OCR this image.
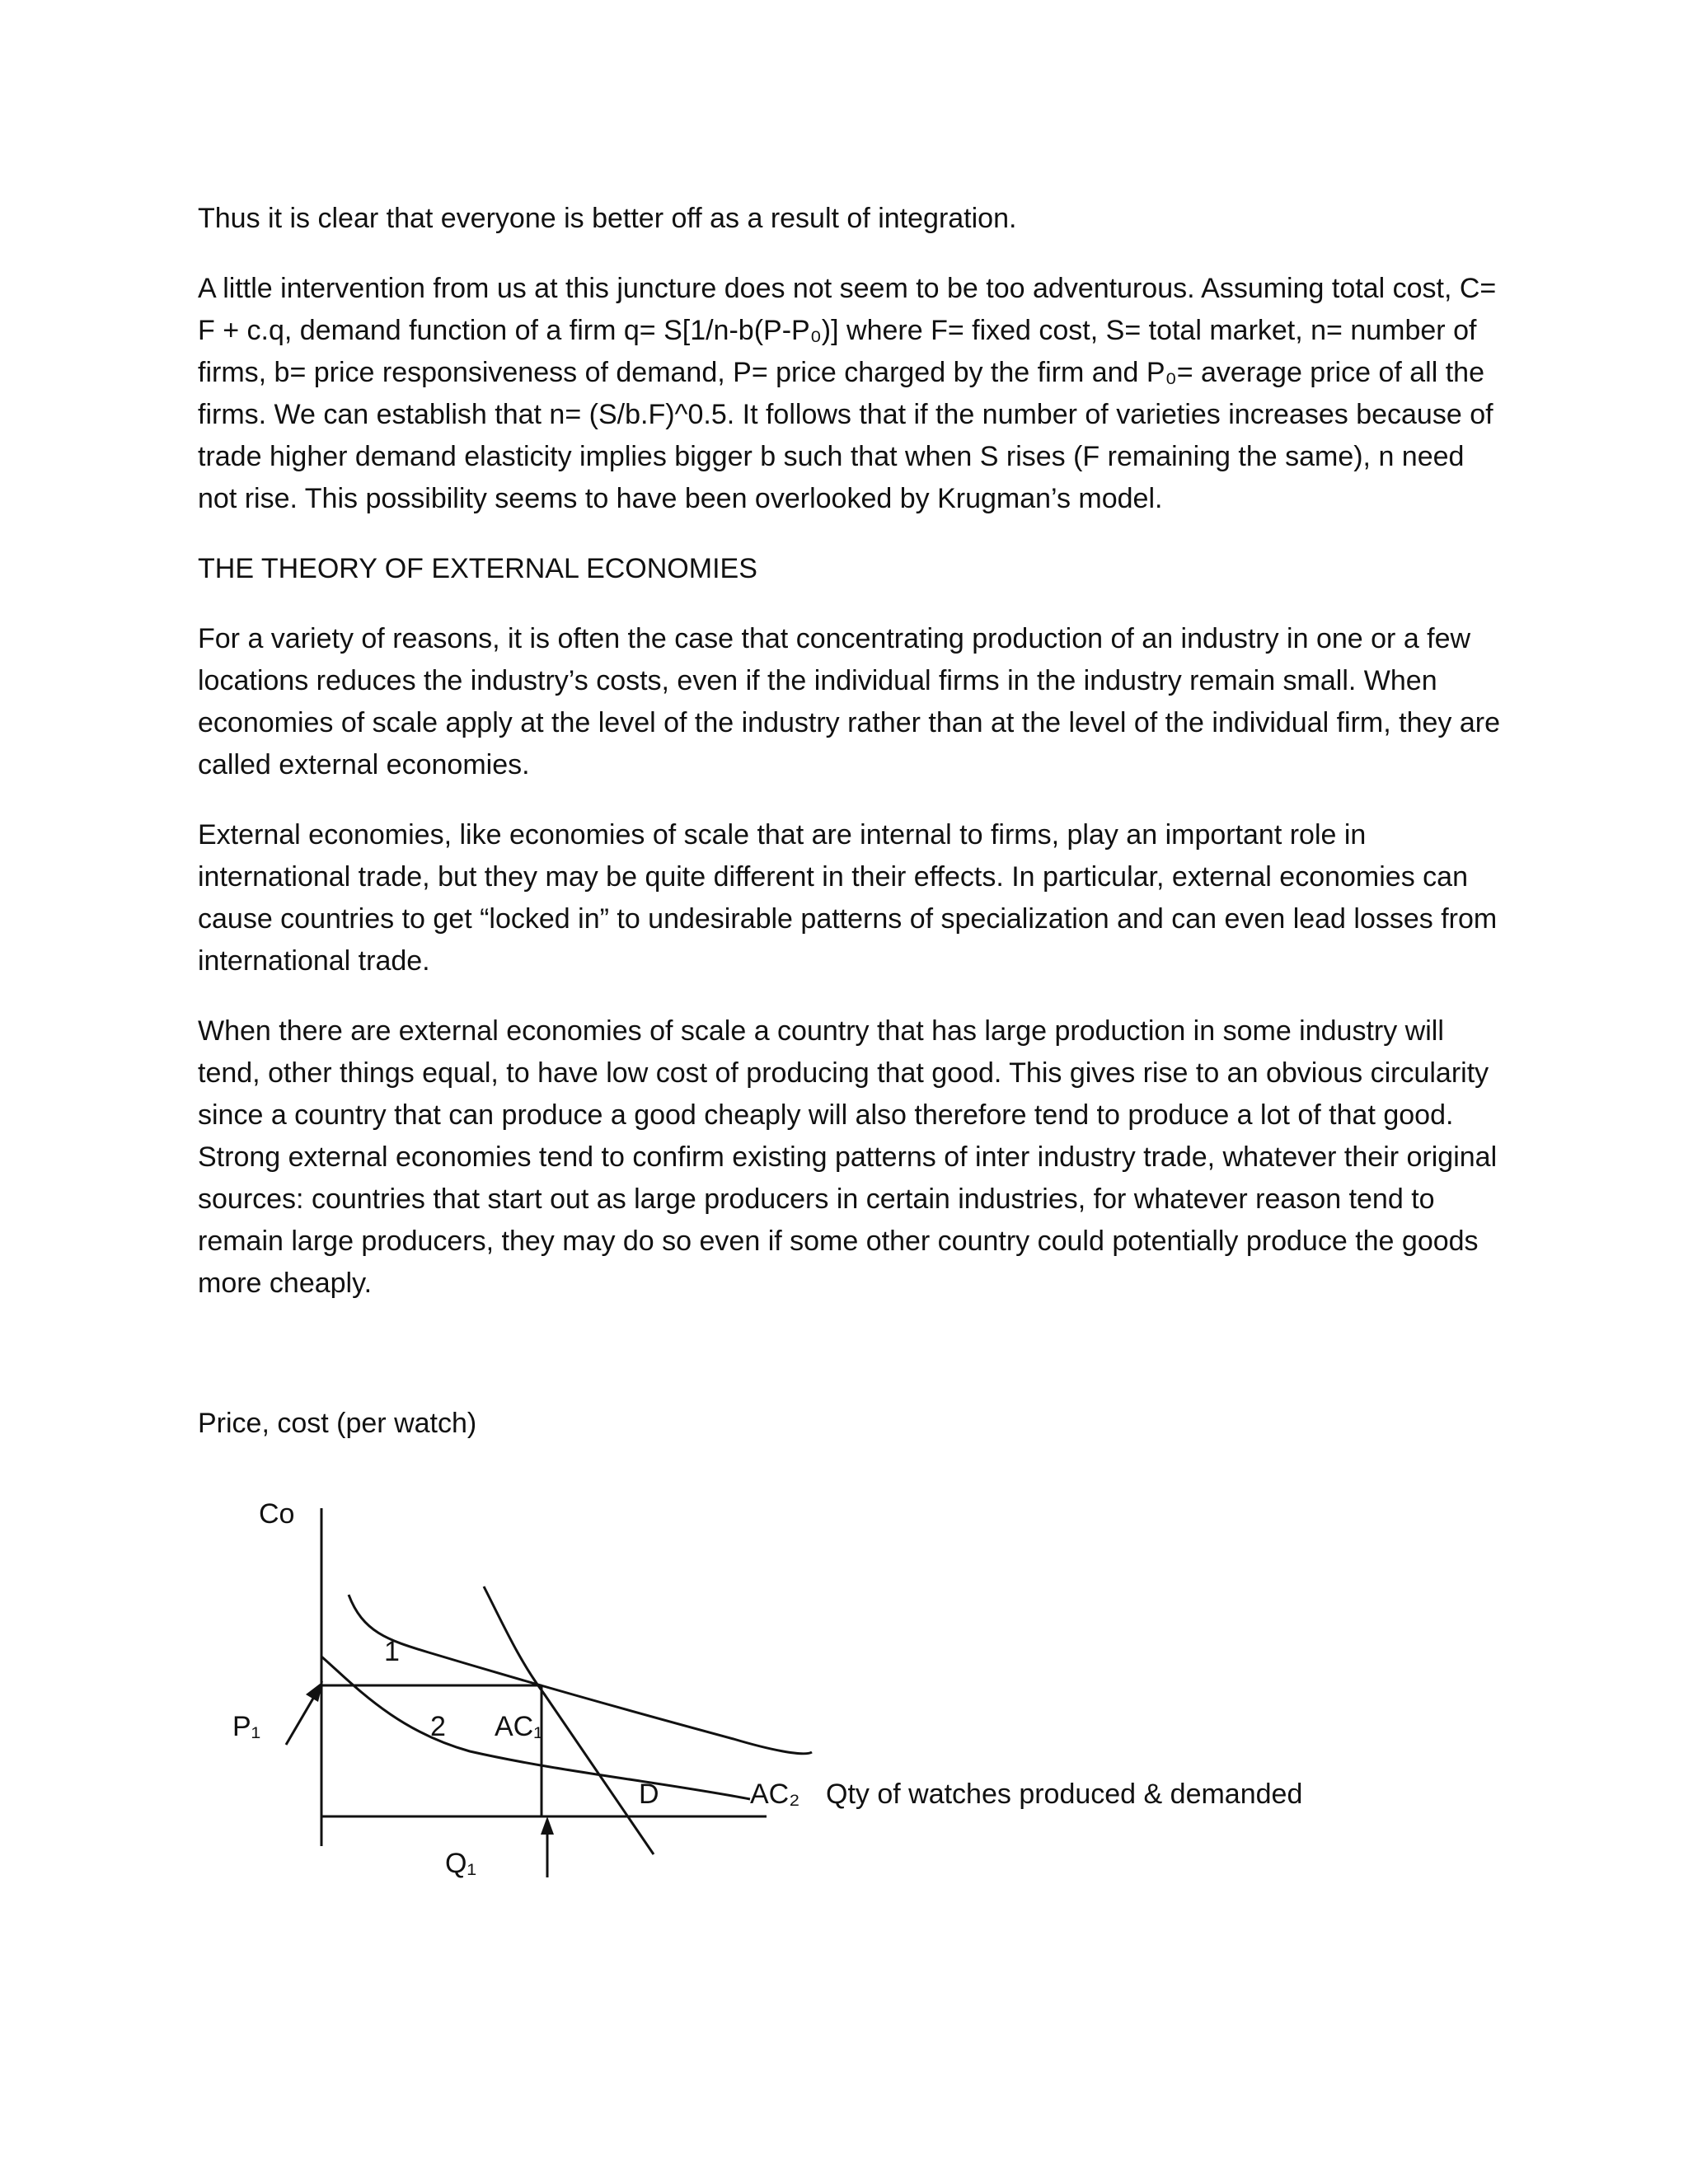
Thus it is clear that everyone is better off as a result of integration.

A little intervention from us at this juncture does not seem to be too adventurous. Assuming total cost, C= F + c.q, demand function of a firm q= S[1/n-b(P-P₀)] where F= fixed cost, S= total market, n= number of firms, b= price responsiveness of demand, P= price charged by the firm and P₀= average price of all the firms. We can establish that n= (S/b.F)^0.5. It follows that if the number of varieties increases because of trade higher demand elasticity implies bigger b such that when S rises (F remaining the same), n need not rise. This possibility seems to have been overlooked by Krugman’s model.

THE THEORY OF EXTERNAL ECONOMIES

For a variety of reasons, it is often the case that concentrating production of an industry in one or a few locations reduces the industry’s costs, even if the individual firms in the industry remain small. When economies of scale apply at the level of the industry rather than at the level of the individual firm, they are called external economies.

External economies, like economies of scale that are internal to firms, play an important role in international trade, but they may be quite different in their effects. In particular, external economies can cause countries to get “locked in” to undesirable patterns of specialization and can even lead losses from international trade.

When there are external economies of scale a country that has large production in some industry will tend, other things equal, to have low cost of producing that good. This gives rise to an obvious circularity since a country that can produce a good cheaply will also therefore tend to produce a lot of that good. Strong external economies tend to confirm existing patterns of inter industry trade, whatever their original sources: countries that start out as large producers in certain industries, for whatever reason tend to remain large producers, they may do so even if some other country could potentially produce the goods more cheaply.

Price, cost (per watch)
Co
P₁
1
2 AC₁
D	AC₂ Qty of watches produced & demanded
Q₁
